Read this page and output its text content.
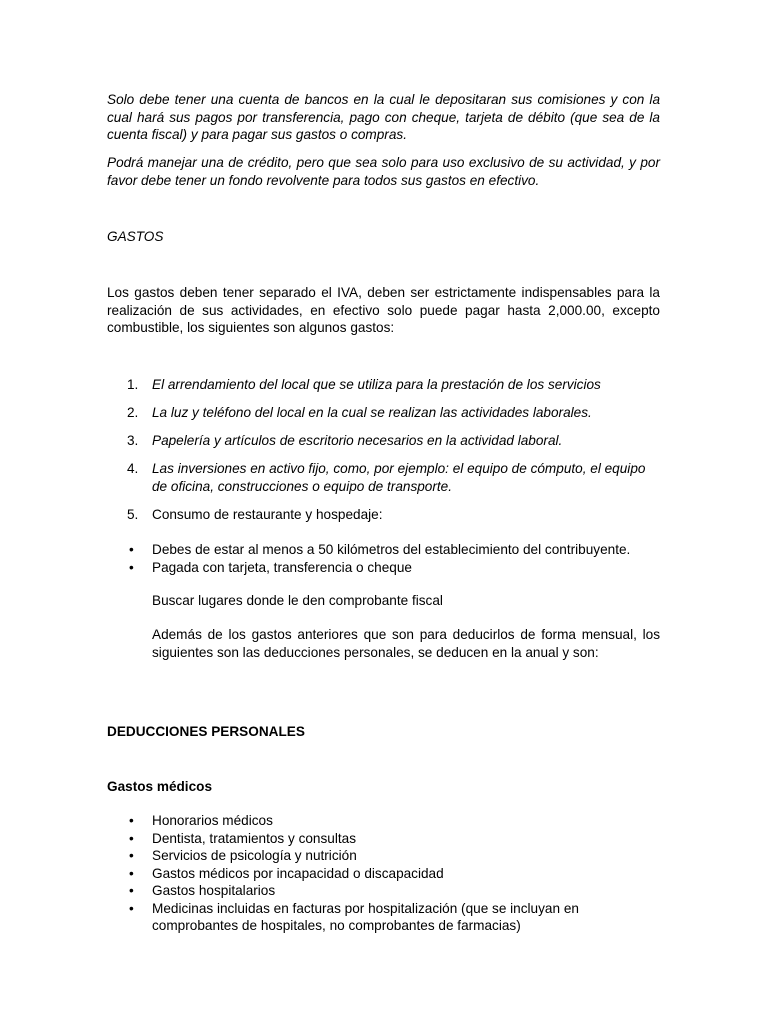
Solo debe tener una cuenta de bancos en la cual le depositaran sus comisiones y con la cual hará sus pagos por transferencia, pago con cheque, tarjeta de débito (que sea de la cuenta fiscal) y para pagar sus gastos o compras.

Podrá manejar una de crédito, pero que sea solo para uso exclusivo de su actividad, y por favor debe tener un fondo revolvente para todos sus gastos en efectivo.

GASTOS

Los gastos deben tener separado el IVA, deben ser estrictamente indispensables para la realización de sus actividades, en efectivo solo puede pagar hasta 2,000.00, excepto combustible, los siguientes son algunos gastos:

1.	El arrendamiento del local que se utiliza para la prestación de los servicios
2.	La luz y teléfono del local en la cual se realizan las actividades laborales.
3.	Papelería y artículos de escritorio necesarios en la actividad laboral.
4.	Las inversiones en activo fijo, como, por ejemplo: el equipo de cómputo, el equipo de oficina, construcciones o equipo de transporte.
5.	Consumo de restaurante y hospedaje:
• Debes de estar al menos a 50 kilómetros del establecimiento del contribuyente.
• Pagada con tarjeta, transferencia o cheque

Buscar lugares donde le den comprobante fiscal

Además de los gastos anteriores que son para deducirlos de forma mensual, los siguientes son las deducciones personales, se deducen en la anual y son:

DEDUCCIONES PERSONALES

Gastos médicos

• Honorarios médicos
• Dentista, tratamientos y consultas
• Servicios de psicología y nutrición
• Gastos médicos por incapacidad o discapacidad
• Gastos hospitalarios
• Medicinas incluidas en facturas por hospitalización (que se incluyan en comprobantes de hospitales, no comprobantes de farmacias)
